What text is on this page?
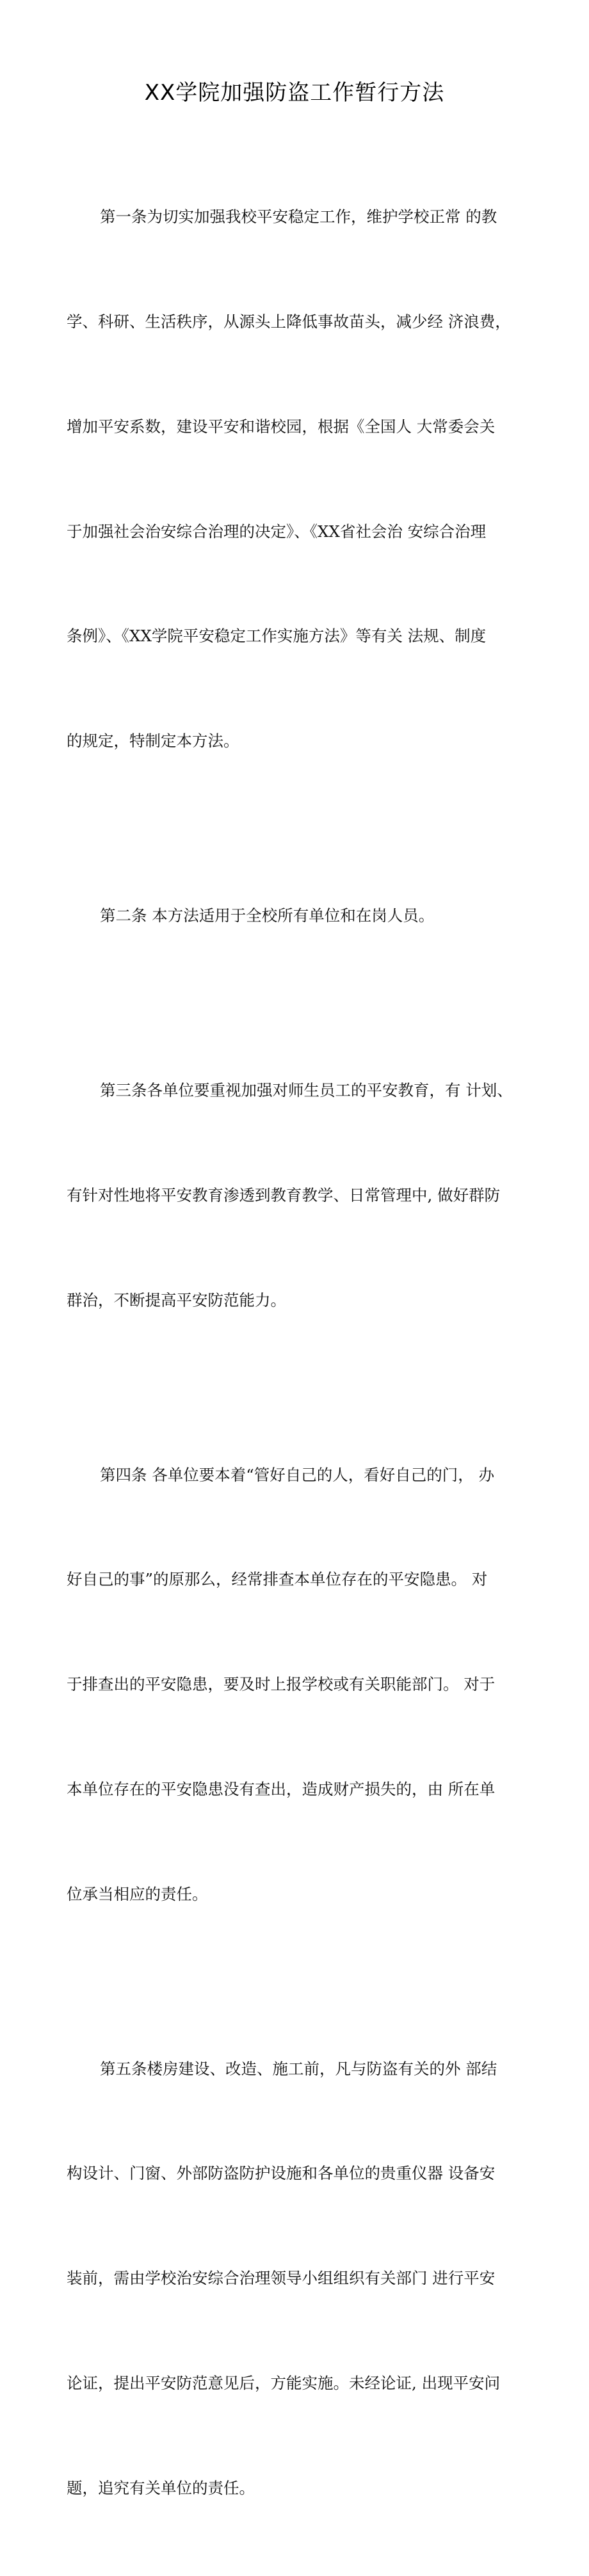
XX学院加强防盗工作暂行方法

第一条为切实加强我校平安稳定工作，维护学校正常 的教

学、科研、生活秩序，从源头上降低事故苗头，减少经 济浪费，

增加平安系数，建设平安和谐校园，根据《全国人 大常委会关

于加强社会治安综合治理的决定》、《XX省社会治 安综合治理

条例》、《XX学院平安稳定工作实施方法》等有关 法规、制度

的规定，特制定本方法。

第二条 本方法适用于全校所有单位和在岗人员。

第三条各单位要重视加强对师生员工的平安教育，有 计划、

有针对性地将平安教育渗透到教育教学、日常管理中, 做好群防

群治，不断提高平安防范能力。

第四条 各单位要本着“管好自己的人，看好自己的门， 办

好自己的事”的原那么，经常排查本单位存在的平安隐患。 对

于排查出的平安隐患，要及时上报学校或有关职能部门。 对于

本单位存在的平安隐患没有查出，造成财产损失的，由 所在单

位承当相应的责任。

第五条楼房建设、改造、施工前，凡与防盗有关的外 部结

构设计、门窗、外部防盗防护设施和各单位的贵重仪器 设备安

装前，需由学校治安综合治理领导小组组织有关部门 进行平安

论证，提出平安防范意见后，方能实施。未经论证, 出现平安问

题，追究有关单位的责任。
